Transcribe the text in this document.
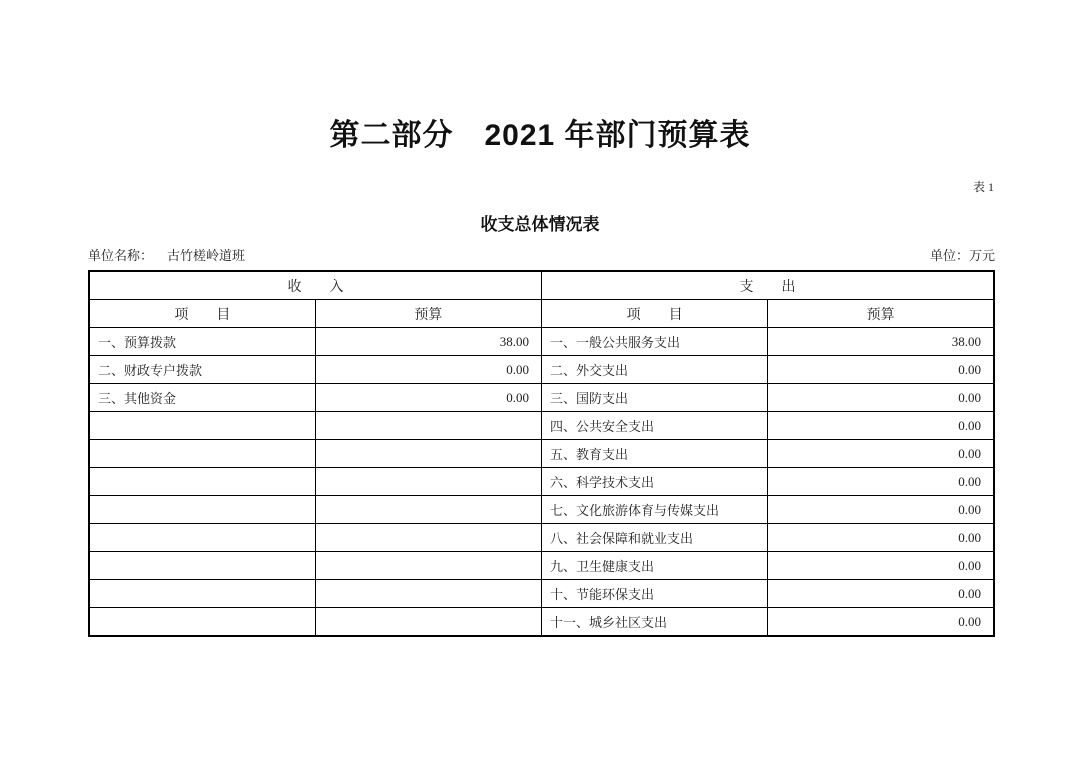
第二部分　2021 年部门预算表
表 1
收支总体情况表
单位名称： 古竹槎岭道班	单位：万元
收　　入		支　　出	
项　　目	预算	项　　目	预算
一、预算拨款	38.00	一、一般公共服务支出	38.00
二、财政专户拨款	0.00	二、外交支出	0.00
三、其他资金	0.00	三、国防支出	0.00
		四、公共安全支出	0.00
		五、教育支出	0.00
		六、科学技术支出	0.00
		七、文化旅游体育与传媒支出	0.00
		八、社会保障和就业支出	0.00
		九、卫生健康支出	0.00
		十、节能环保支出	0.00
		十一、城乡社区支出	0.00
